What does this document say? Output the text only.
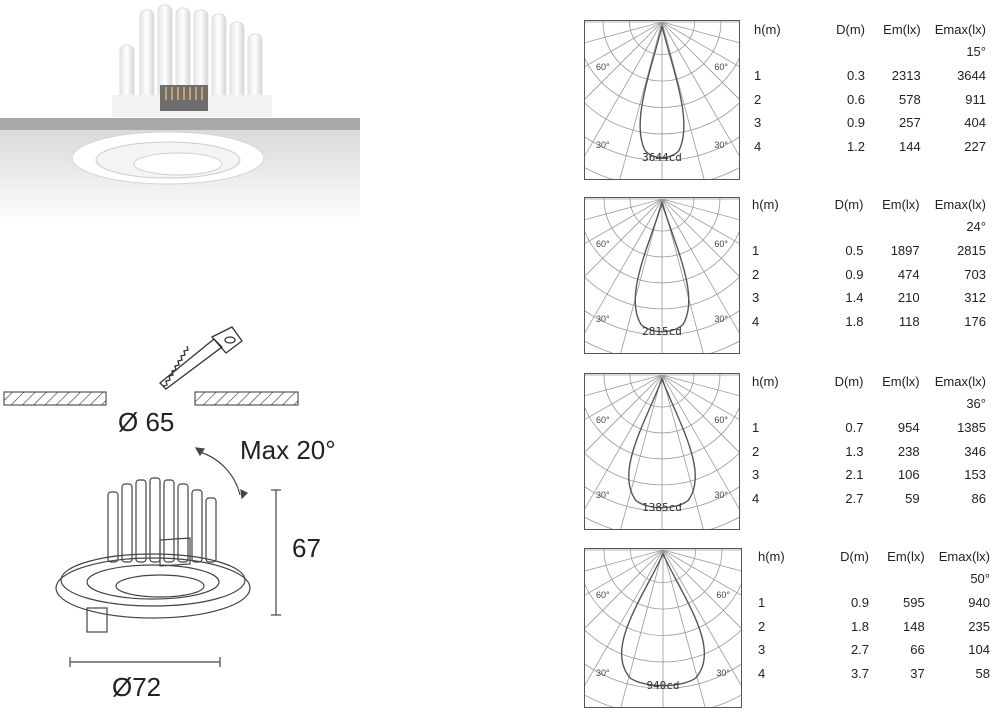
Ø 65
Max 20°
67
Ø72
60°	60°
30°	30°
3644cd
h(m)	D(m)	Em(lx) Emax(lx)
15°
1	0.3	2313	3644
2	0.6	578	911
3	0.9	257	404
4	1.2	144	227
60°	60°
30°	30°
2815cd
h(m)	D(m)	Em(lx) Emax(lx)
24°
1	0.5	1897	2815
2	0.9	474	703
3	1.4	210	312
4	1.8	118	176
60°	60°
30°	30°
1385cd
h(m)	D(m)	Em(lx) Emax(lx)
36°
1	0.7	954	1385
2	1.3	238	346
3	2.1	106	153
4	2.7	59	86
60°	60°
30°	30°
940cd
h(m)	D(m)	Em(lx) Emax(lx)
50°
1	0.9	595	940
2	1.8	148	235
3	2.7	66	104
4	3.7	37	58
